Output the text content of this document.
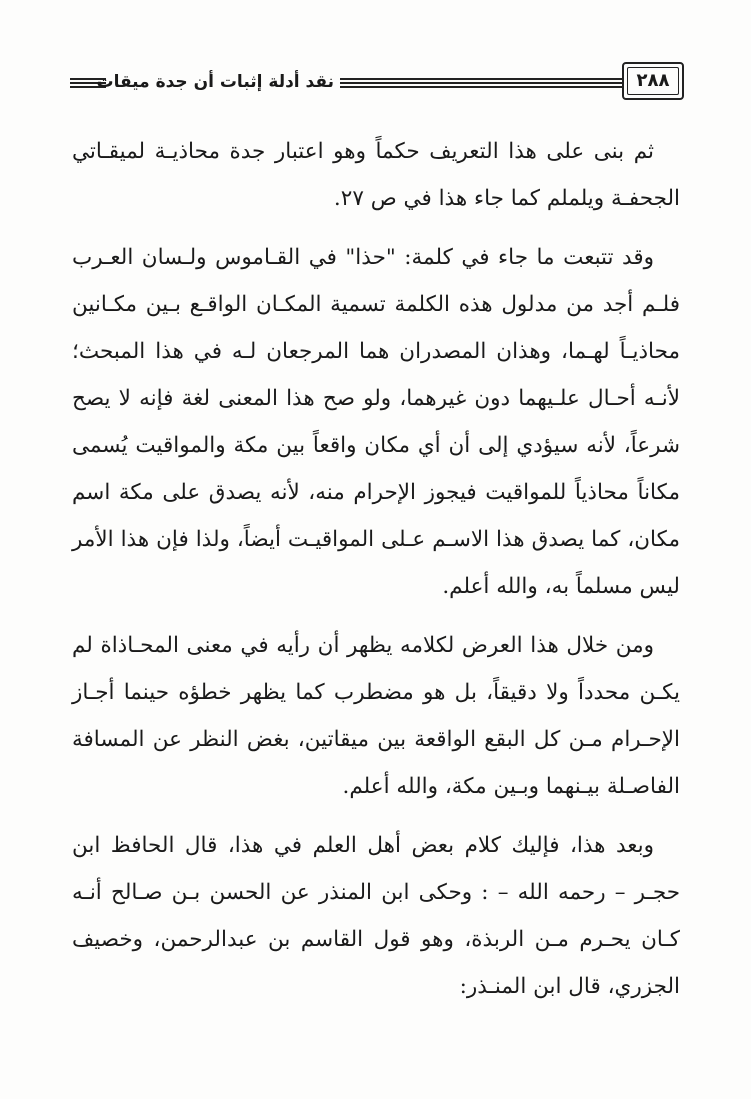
نقد أدلة إثبات أن جدة ميقات	٢٨٨

ثم بنى على هذا التعريف حكماً وهو اعتبار جدة محاذيـة لميقـاتي الجحفـة ويلملم كما جاء هذا في ص ٢٧.

وقد تتبعت ما جاء في كلمة: "حذا" في القـاموس ولـسان العـرب فلـم أجد من مدلول هذه الكلمة تسمية المكـان الواقـع بـين مكـانين محاذيـاً لهـما، وهذان المصدران هما المرجعان لـه في هذا المبحث؛ لأنـه أحـال علـيهما دون غيرهما، ولو صح هذا المعنى لغة فإنه لا يصح شرعاً، لأنه سيؤدي إلى أن أي مكان واقعاً بين مكة والمواقيت يُسمى مكاناً محاذياً للمواقيت فيجوز الإحرام منه، لأنه يصدق على مكة اسم مكان، كما يصدق هذا الاسـم عـلى المواقيـت أيضاً، ولذا فإن هذا الأمر ليس مسلماً به، والله أعلم.

ومن خلال هذا العرض لكلامه يظهر أن رأيه في معنى المحـاذاة لم يكـن محدداً ولا دقيقاً، بل هو مضطرب كما يظهر خطؤه حينما أجـاز الإحـرام مـن كل البقع الواقعة بين ميقاتين، بغض النظر عن المسافة الفاصـلة بيـنهما وبـين مكة، والله أعلم.

وبعد هذا، فإليك كلام بعض أهل العلم في هذا، قال الحافظ ابن حجـر – رحمه الله – : وحكى ابن المنذر عن الحسن بـن صـالح أنـه كـان يحـرم مـن الربذة، وهو قول القاسم بن عبدالرحمن، وخصيف الجزري، قال ابن المنـذر:
